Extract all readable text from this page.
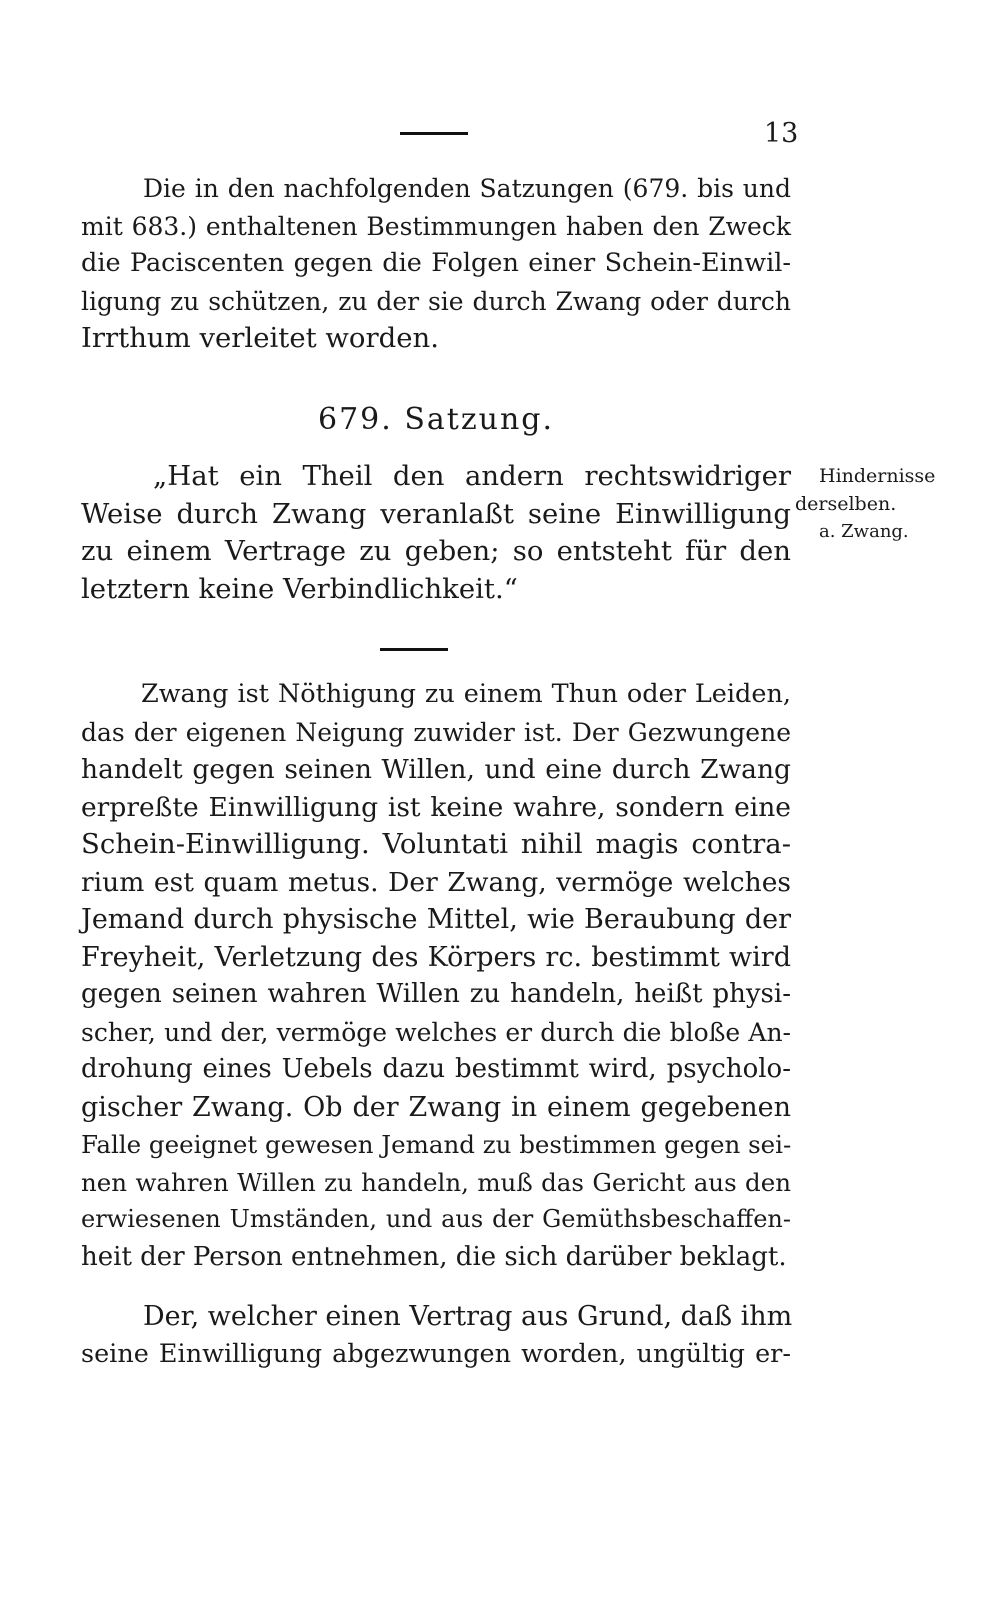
13
Die in den nachfolgenden Satzungen (679. bis und
mit 683.) enthaltenen Bestimmungen haben den Zweck
die Paciscenten gegen die Folgen einer Schein-Einwil-
ligung zu schützen, zu der sie durch Zwang oder durch
Irrthum verleitet worden.
679. Satzung.
„Hat ein Theil den andern rechtswidriger
Weise durch Zwang veranlaßt seine Einwilligung
zu einem Vertrage zu geben; so entsteht für den
letztern keine Verbindlichkeit.“
Hindernisse
derselben.
a. Zwang.
Zwang ist Nöthigung zu einem Thun oder Leiden,
das der eigenen Neigung zuwider ist. Der Gezwungene
handelt gegen seinen Willen, und eine durch Zwang
erpreßte Einwilligung ist keine wahre, sondern eine
Schein-Einwilligung. Voluntati nihil magis contra-
rium est quam metus. Der Zwang, vermöge welches
Jemand durch physische Mittel, wie Beraubung der
Freyheit, Verletzung des Körpers rc. bestimmt wird
gegen seinen wahren Willen zu handeln, heißt physi-
scher, und der, vermöge welches er durch die bloße An-
drohung eines Uebels dazu bestimmt wird, psycholo-
gischer Zwang. Ob der Zwang in einem gegebenen
Falle geeignet gewesen Jemand zu bestimmen gegen sei-
nen wahren Willen zu handeln, muß das Gericht aus den
erwiesenen Umständen, und aus der Gemüthsbeschaffen-
heit der Person entnehmen, die sich darüber beklagt.
Der, welcher einen Vertrag aus Grund, daß ihm
seine Einwilligung abgezwungen worden, ungültig er-
